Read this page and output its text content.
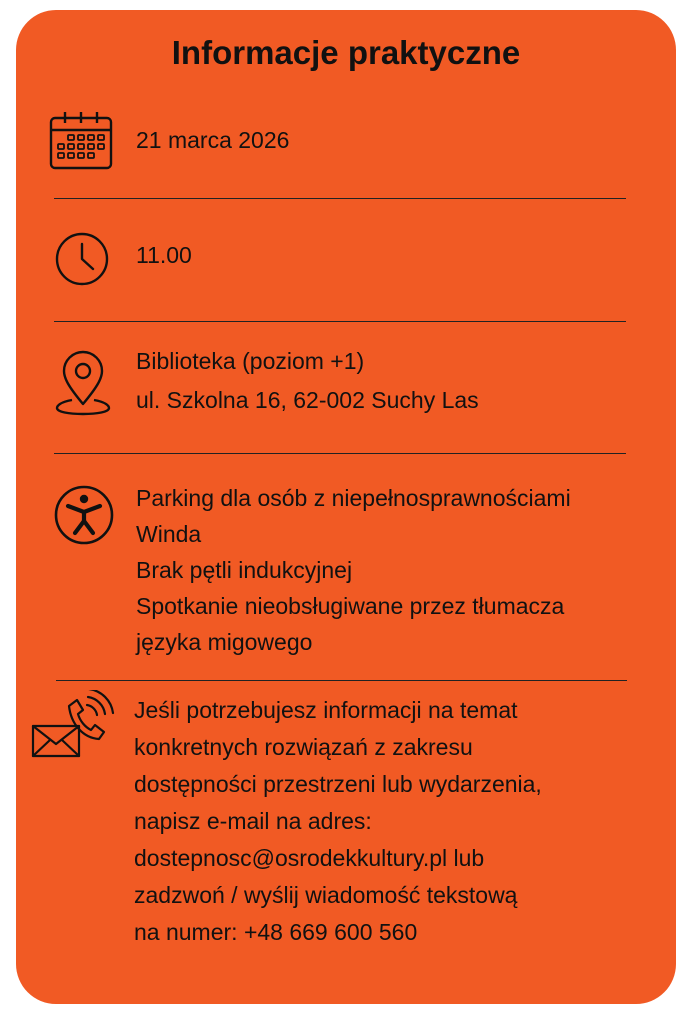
Informacje praktyczne
21 marca 2026
11.00
Biblioteka (poziom +1)
ul. Szkolna 16, 62-002 Suchy Las
Parking dla osób z niepełnosprawnościami
Winda
Brak pętli indukcyjnej
Spotkanie nieobsługiwane przez tłumacza
języka migowego
Jeśli potrzebujesz informacji na temat
konkretnych rozwiązań z zakresu
dostępności przestrzeni lub wydarzenia,
napisz e-mail na adres:
dostepnosc@osrodekkultury.pl lub
zadzwoń / wyślij wiadomość tekstową
na numer: +48 669 600 560
